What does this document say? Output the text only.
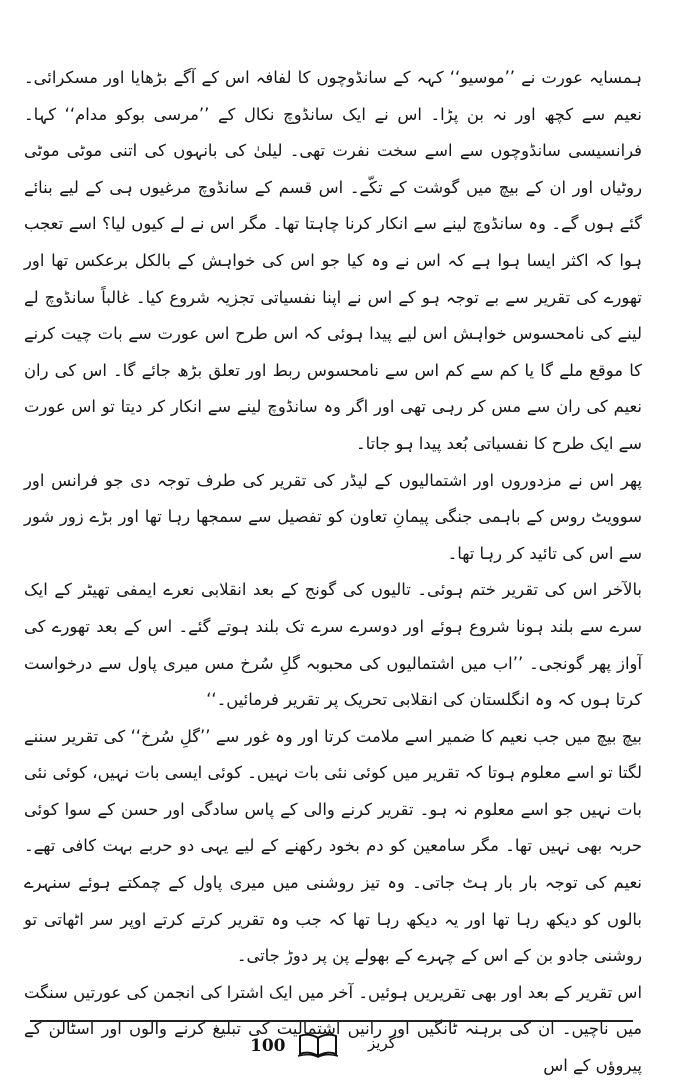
ہمسایہ عورت نے ’’موسیو‘‘ کہہ کے سانڈوچوں کا لفافہ اس کے آگے بڑھایا اور مسکرائی۔ نعیم سے کچھ اور نہ بن پڑا۔ اس نے ایک سانڈوچ نکال کے ’’مرسی بوکو مدام‘‘ کہا۔ فرانسیسی سانڈوچوں سے اسے سخت نفرت تھی۔ لیلیٰ کی بانہوں کی اتنی موٹی موٹی روٹیاں اور ان کے بیچ میں گوشت کے تکّے۔ اس قسم کے سانڈوچ مرغیوں ہی کے لیے بنائے گئے ہوں گے۔ وہ سانڈوچ لینے سے انکار کرنا چاہتا تھا۔ مگر اس نے لے کیوں لیا؟ اسے تعجب ہوا کہ اکثر ایسا ہوا ہے کہ اس نے وہ کیا جو اس کی خواہش کے بالکل برعکس تھا اور تھورے کی تقریر سے بے توجہ ہو کے اس نے اپنا نفسیاتی تجزیہ شروع کیا۔ غالباً سانڈوچ لے لینے کی نامحسوس خواہش اس لیے پیدا ہوئی کہ اس طرح اس عورت سے بات چیت کرنے کا موقع ملے گا یا کم سے کم اس سے نامحسوس ربط اور تعلق بڑھ جائے گا۔ اس کی ران نعیم کی ران سے مس کر رہی تھی اور اگر وہ سانڈوچ لینے سے انکار کر دیتا تو اس عورت سے ایک طرح کا نفسیاتی بُعد پیدا ہو جاتا۔

پھر اس نے مزدوروں اور اشتمالیوں کے لیڈر کی تقریر کی طرف توجہ دی جو فرانس اور سوویٹ روس کے باہمی جنگی پیمانِ تعاون کو تفصیل سے سمجھا رہا تھا اور بڑے زور شور سے اس کی تائید کر رہا تھا۔

بالآخر اس کی تقریر ختم ہوئی۔ تالیوں کی گونج کے بعد انقلابی نعرے ایمفی تھیٹر کے ایک سرے سے بلند ہونا شروع ہوئے اور دوسرے سرے تک بلند ہوتے گئے۔ اس کے بعد تھورے کی آواز پھر گونجی۔ ’’اب میں اشتمالیوں کی محبوبہ گلِ سُرخ مس میری پاول سے درخواست کرتا ہوں کہ وہ انگلستان کی انقلابی تحریک پر تقریر فرمائیں۔‘‘

بیچ بیچ میں جب نعیم کا ضمیر اسے ملامت کرتا اور وہ غور سے ’’گلِ سُرخ‘‘ کی تقریر سننے لگتا تو اسے معلوم ہوتا کہ تقریر میں کوئی نئی بات نہیں۔ کوئی ایسی بات نہیں، کوئی نئی بات نہیں جو اسے معلوم نہ ہو۔ تقریر کرنے والی کے پاس سادگی اور حسن کے سوا کوئی حربہ بھی نہیں تھا۔ مگر سامعین کو دم بخود رکھنے کے لیے یہی دو حربے بہت کافی تھے۔ نعیم کی توجہ بار بار ہٹ جاتی۔ وہ تیز روشنی میں میری پاول کے چمکتے ہوئے سنہرے بالوں کو دیکھ رہا تھا اور یہ دیکھ رہا تھا کہ جب وہ تقریر کرتے کرتے اوپر سر اٹھاتی تو روشنی جادو بن کے اس کے چہرے کے بھولے پن پر دوڑ جاتی۔

اس تقریر کے بعد اور بھی تقریریں ہوئیں۔ آخر میں ایک اشترا کی انجمن کی عورتیں سنگت میں ناچیں۔ ان کی برہنہ ٹانگیں اور رانیں اشتمالیت کی تبلیغ کرنے والوں اور اسٹالن کے پیروؤں کے اس

100	گریز
